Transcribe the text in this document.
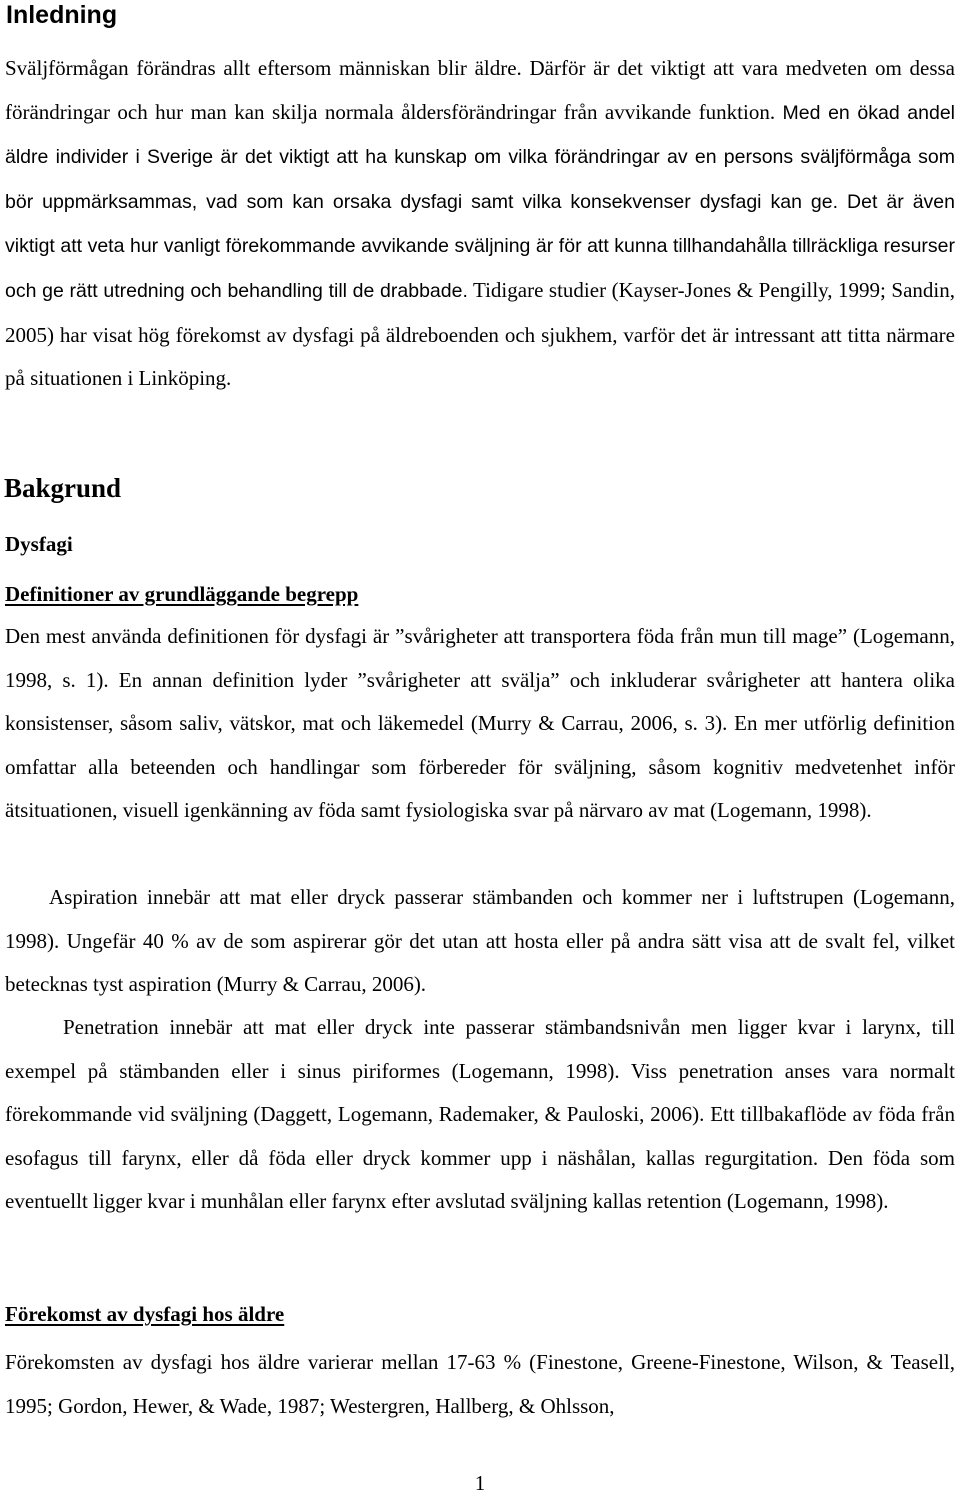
Inledning

Sväljförmågan förändras allt eftersom människan blir äldre. Därför är det viktigt att vara medveten om dessa förändringar och hur man kan skilja normala åldersförändringar från avvikande funktion. Med en ökad andel äldre individer i Sverige är det viktigt att ha kunskap om vilka förändringar av en persons sväljförmåga som bör uppmärksammas, vad som kan orsaka dysfagi samt vilka konsekvenser dysfagi kan ge. Det är även viktigt att veta hur vanligt förekommande avvikande sväljning är för att kunna tillhandahålla tillräckliga resurser och ge rätt utredning och behandling till de drabbade. Tidigare studier (Kayser-Jones & Pengilly, 1999; Sandin, 2005) har visat hög förekomst av dysfagi på äldreboenden och sjukhem, varför det är intressant att titta närmare på situationen i Linköping.

Bakgrund
Dysfagi
Definitioner av grundläggande begrepp

Den mest använda definitionen för dysfagi är ”svårigheter att transportera föda från mun till mage” (Logemann, 1998, s. 1). En annan definition lyder ”svårigheter att svälja” och inkluderar svårigheter att hantera olika konsistenser, såsom saliv, vätskor, mat och läkemedel (Murry & Carrau, 2006, s. 3). En mer utförlig definition omfattar alla beteenden och handlingar som förbereder för sväljning, såsom kognitiv medvetenhet inför ätsituationen, visuell igenkänning av föda samt fysiologiska svar på närvaro av mat (Logemann, 1998).

Aspiration innebär att mat eller dryck passerar stämbanden och kommer ner i luftstrupen (Logemann, 1998). Ungefär 40 % av de som aspirerar gör det utan att hosta eller på andra sätt visa att de svalt fel, vilket betecknas tyst aspiration (Murry & Carrau, 2006).

Penetration innebär att mat eller dryck inte passerar stämbandsnivån men ligger kvar i larynx, till exempel på stämbanden eller i sinus piriformes (Logemann, 1998). Viss penetration anses vara normalt förekommande vid sväljning (Daggett, Logemann, Rademaker, & Pauloski, 2006). Ett tillbakaflöde av föda från esofagus till farynx, eller då föda eller dryck kommer upp i näshålan, kallas regurgitation. Den föda som eventuellt ligger kvar i munhålan eller farynx efter avslutad sväljning kallas retention (Logemann, 1998).

Förekomst av dysfagi hos äldre

Förekomsten av dysfagi hos äldre varierar mellan 17-63 % (Finestone, Greene-Finestone, Wilson, & Teasell, 1995; Gordon, Hewer, & Wade, 1987; Westergren, Hallberg, & Ohlsson,

1
